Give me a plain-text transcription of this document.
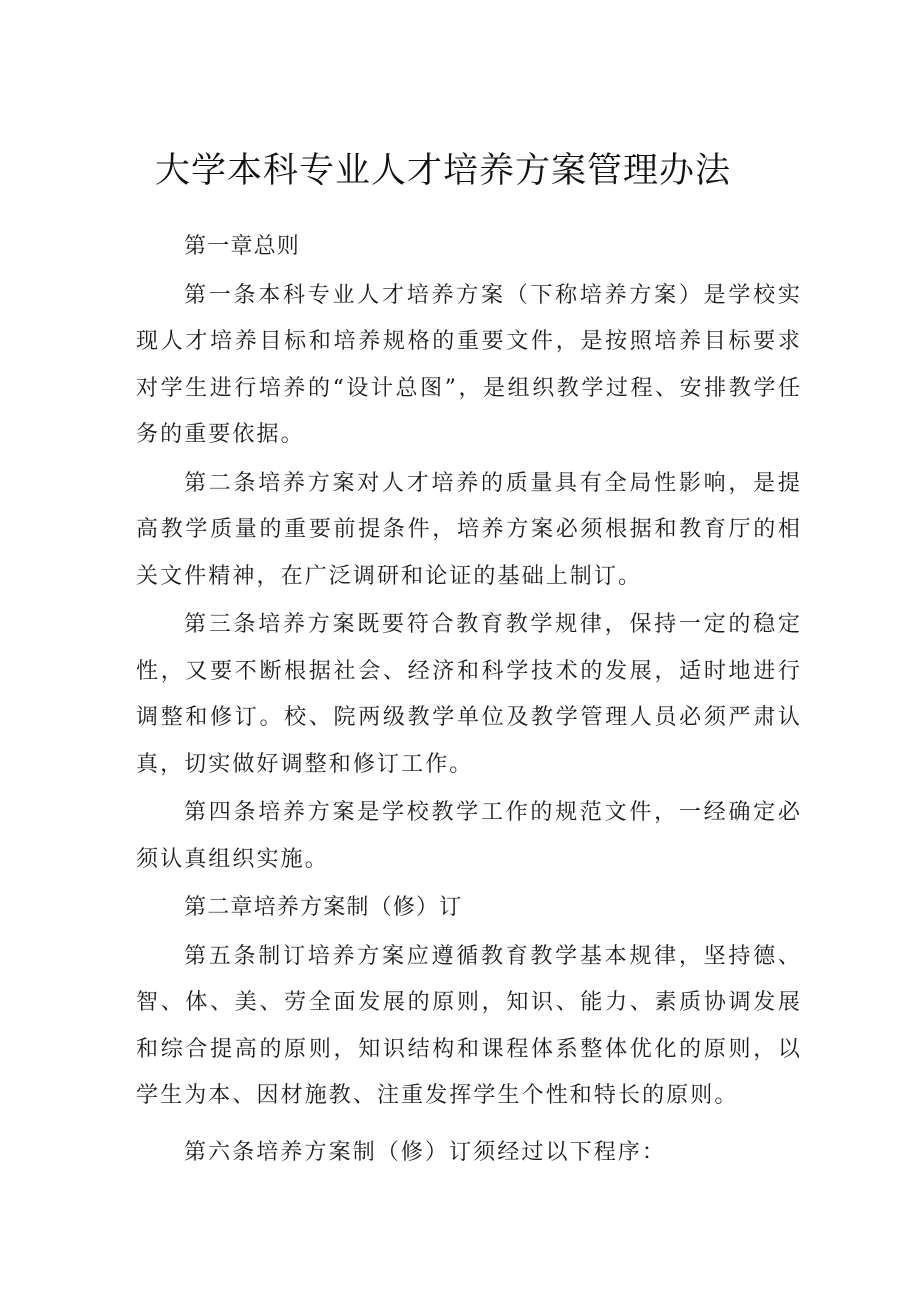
大学本科专业人才培养方案管理办法

第一章总则

第一条本科专业人才培养方案（下称培养方案）是学校实现人才培养目标和培养规格的重要文件，是按照培养目标要求对学生进行培养的“设计总图”，是组织教学过程、安排教学任务的重要依据。

第二条培养方案对人才培养的质量具有全局性影响，是提高教学质量的重要前提条件，培养方案必须根据和教育厅的相关文件精神，在广泛调研和论证的基础上制订。

第三条培养方案既要符合教育教学规律，保持一定的稳定性，又要不断根据社会、经济和科学技术的发展，适时地进行调整和修订。校、院两级教学单位及教学管理人员必须严肃认真，切实做好调整和修订工作。

第四条培养方案是学校教学工作的规范文件，一经确定必须认真组织实施。

第二章培养方案制（修）订

第五条制订培养方案应遵循教育教学基本规律，坚持德、智、体、美、劳全面发展的原则，知识、能力、素质协调发展和综合提高的原则，知识结构和课程体系整体优化的原则，以学生为本、因材施教、注重发挥学生个性和特长的原则。

第六条培养方案制（修）订须经过以下程序：
